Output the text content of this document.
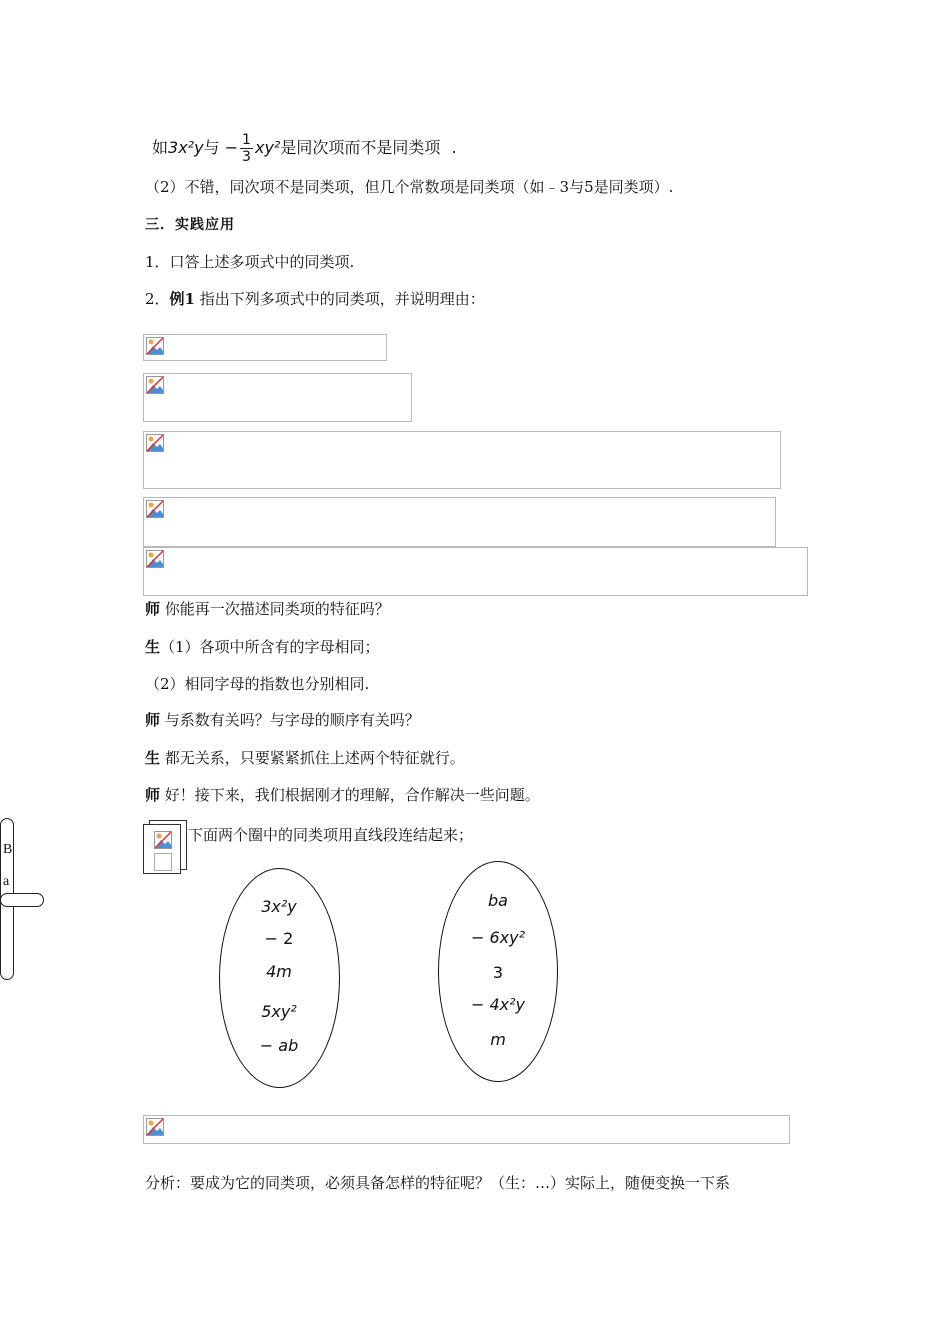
如3x²y与 − $\frac{1}{3} xy^2$是同次项而不是同类项 .
（2）不错，同次项不是同类项，但几个常数项是同类项（如﹣3与5是同类项）.
三．实践应用
1．口答上述多项式中的同类项.
2．例1 指出下列多项式中的同类项，并说明理由：
师 你能再一次描述同类项的特征吗？
生（1）各项中所含有的字母相同；
（2）相同字母的指数也分别相同.
师 与系数有关吗？与字母的顺序有关吗？
生 都无关系，只要紧紧抓住上述两个特征就行。
师 好！接下来，我们根据刚才的理解，合作解决一些问题。
下面两个圈中的同类项用直线段连结起来；
B
a
3x²y
− 2
4m
5xy²
− ab
ba
− 6xy²
3
− 4x²y
m
分析：要成为它的同类项，必须具备怎样的特征呢？（生：…）实际上，随便变换一下系
